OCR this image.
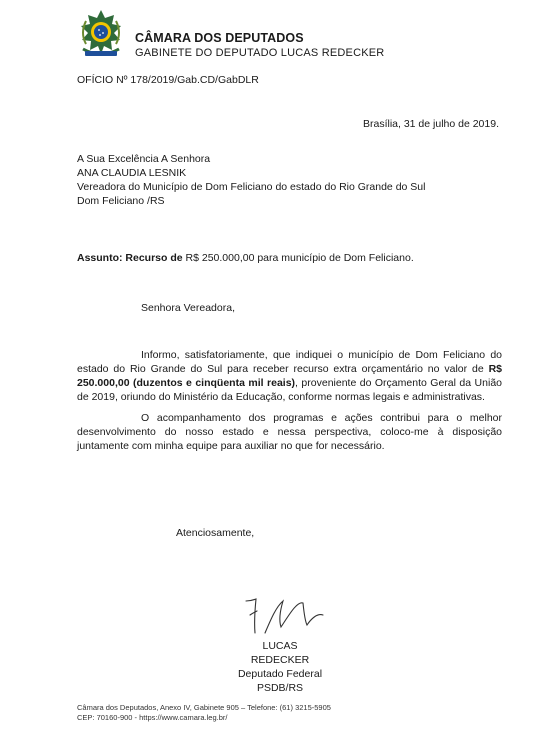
CÂMARA DOS DEPUTADOS
GABINETE DO DEPUTADO LUCAS REDECKER
OFÍCIO Nº 178/2019/Gab.CD/GabDLR
Brasília, 31 de julho de 2019.
A Sua Excelência A Senhora
ANA CLAUDIA LESNIK
Vereadora do Município de Dom Feliciano do estado do Rio Grande do Sul
Dom Feliciano /RS
Assunto: Recurso de R$ 250.000,00 para município de Dom Feliciano.
Senhora Vereadora,
Informo, satisfatoriamente, que indiquei o município de Dom Feliciano do estado do Rio Grande do Sul para receber recurso extra orçamentário no valor de R$ 250.000,00 (duzentos e cinqüenta mil reais), proveniente do Orçamento Geral da União de 2019, oriundo do Ministério da Educação, conforme normas legais e administrativas.
O acompanhamento dos programas e ações contribui para o melhor desenvolvimento do nosso estado e nessa perspectiva, coloco-me à disposição juntamente com minha equipe para auxiliar no que for necessário.
Atenciosamente,
LUCAS REDECKER
Deputado Federal
PSDB/RS
Câmara dos Deputados, Anexo IV, Gabinete 905 – Telefone: (61) 3215-5905
CEP: 70160-900 - https://www.camara.leg.br/
